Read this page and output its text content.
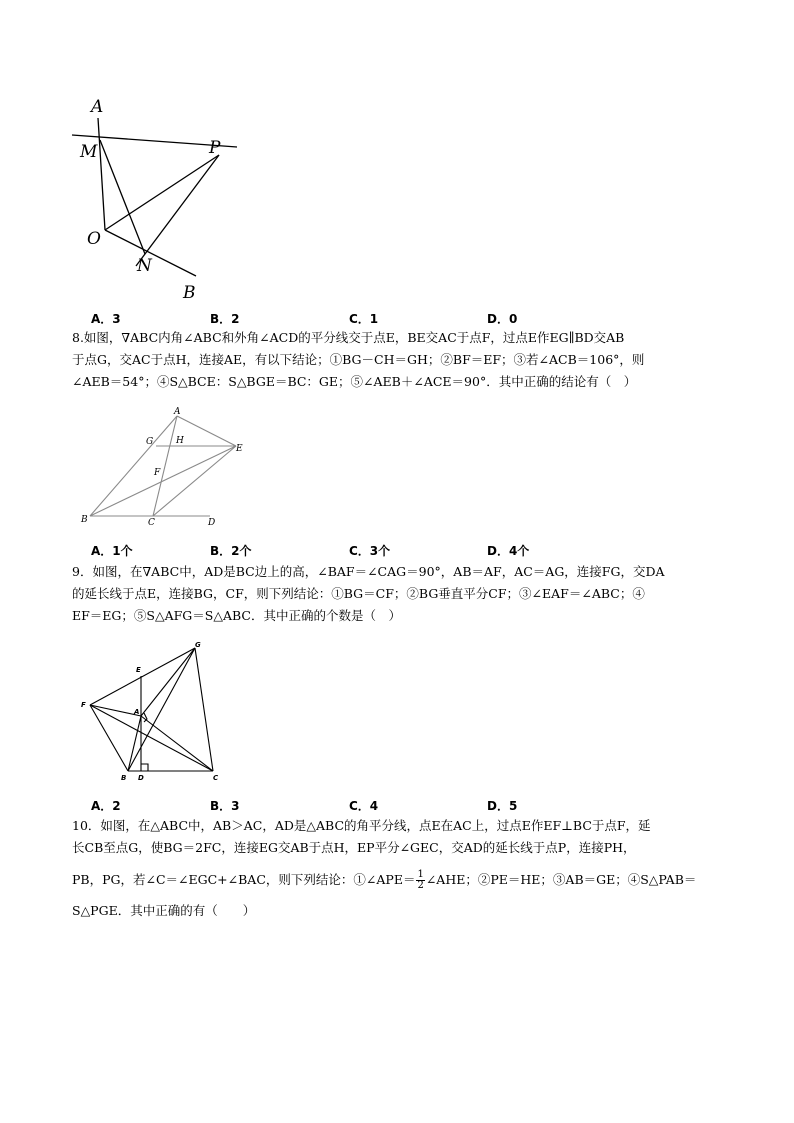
A
M	P
O
N
B
A．3	B．2	C．1	D．0
8.如图，∇ABC内角∠ABC和外角∠ACD的平分线交于点E，BE交AC于点F，过点E作EG∥BD交AB
于点G，交AC于点H，连接AE，有以下结论；①BG－CH＝GH；②BF＝EF；③若∠ACB＝106°，则
∠AEB＝54°；④S△BCE：S△BGE＝BC：GE；⑤∠AEB＋∠ACE＝90°．其中正确的结论有（　）
A
G	H
E
F
B	C	D
A．1个	B．2个	C．3个	D．4个
9．如图，在∇ABC中，AD是BC边上的高，∠BAF＝∠CAG＝90°，AB＝AF，AC＝AG，连接FG，交DA
的延长线于点E，连接BG，CF，则下列结论：①BG＝CF；②BG垂直平分CF；③∠EAF＝∠ABC；④
EF＝EG；⑤S△AFG＝S△ABC．其中正确的个数是（　）
G
E
F
A
B D	C
A．2	B．3	C．4	D．5
10．如图，在△ABC中，AB＞AC，AD是△ABC的角平分线，点E在AC上，过点E作EF⊥BC于点F，延
长CB至点G，使BG＝2FC，连接EG交AB于点H，EP平分∠GEC，交AD的延长线于点P，连接PH，
PB，PG，若∠C＝∠EGC+∠BAC，则下列结论：①∠APE＝ $\frac{1}{2}$ ∠AHE；②PE＝HE；③AB＝GE；④S△PAB＝
S△PGE．其中正确的有（　　）
